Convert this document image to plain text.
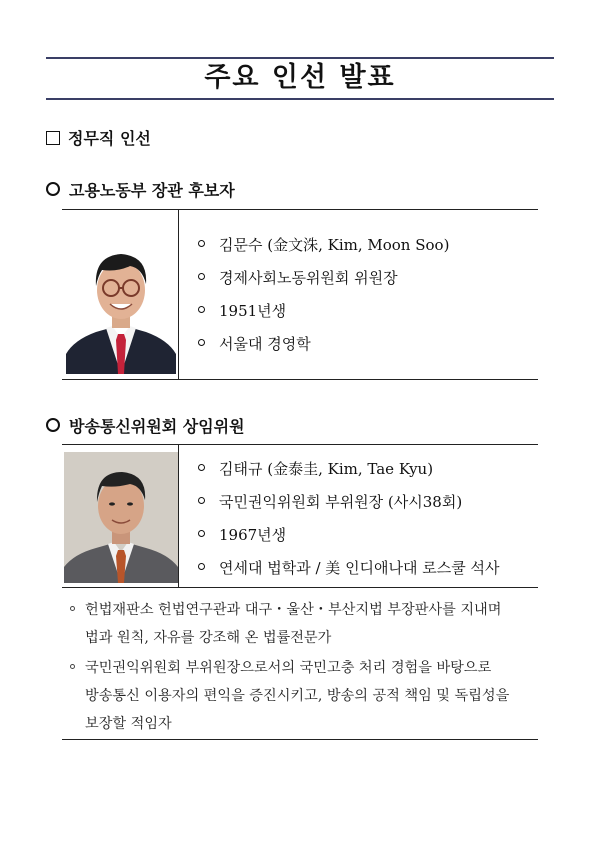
주요 인선 발표
정무직 인선
고용노동부 장관 후보자
김문수 (金文洙, Kim, Moon Soo)
경제사회노동위원회 위원장
1951년생
서울대 경영학
방송통신위원회 상임위원
김태규 (金泰圭, Kim, Tae Kyu)
국민권익위원회 부위원장 (사시38회)
1967년생
연세대 법학과 / 美 인디애나대 로스쿨 석사
헌법재판소 헌법연구관과 대구・울산・부산지법 부장판사를 지내며
법과 원칙, 자유를 강조해 온 법률전문가
국민권익위원회 부위원장으로서의 국민고충 처리 경험을 바탕으로
방송통신 이용자의 편익을 증진시키고, 방송의 공적 책임 및 독립성을
보장할 적임자
